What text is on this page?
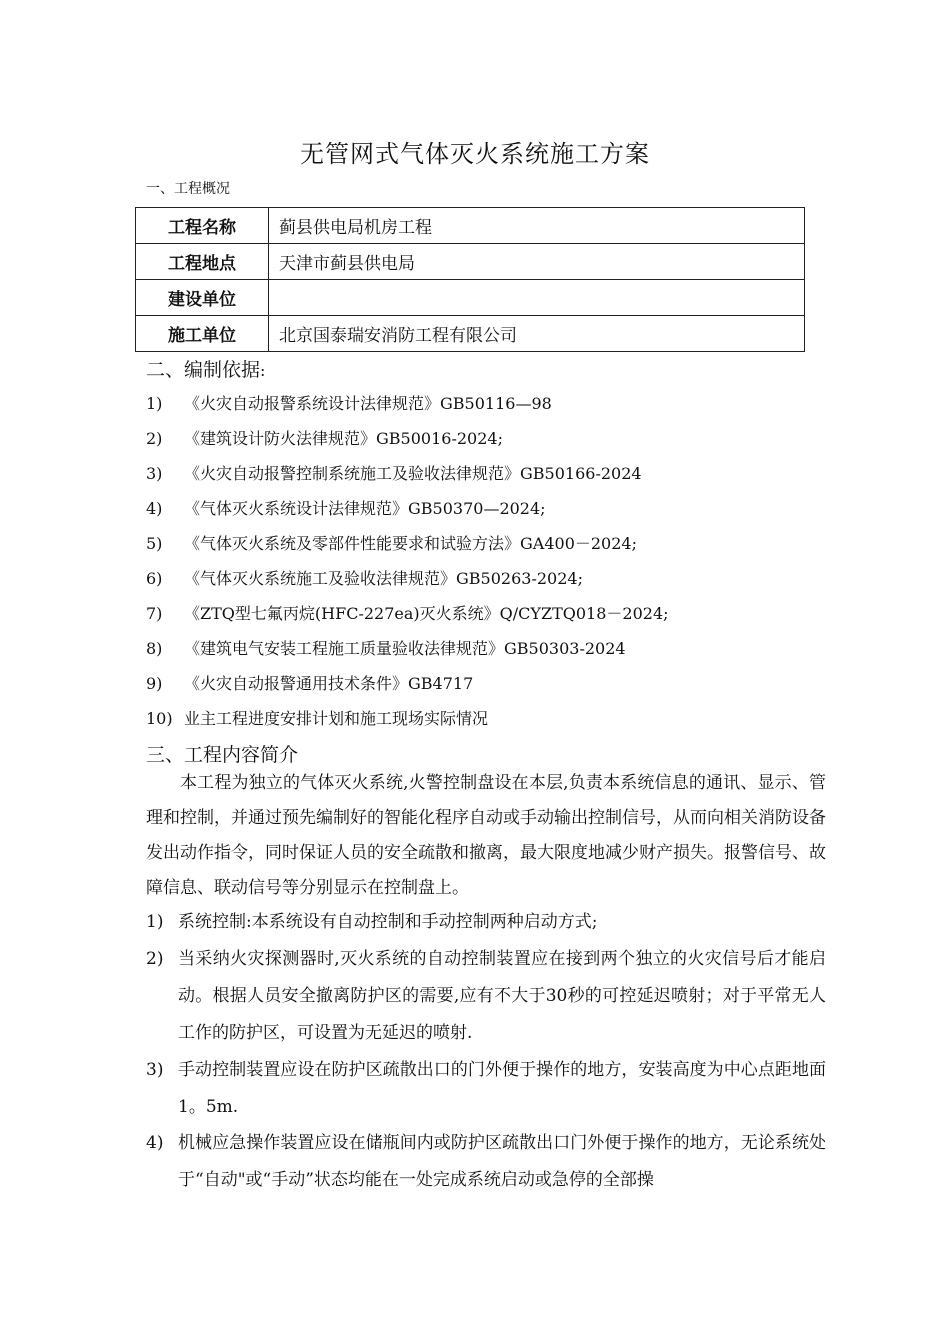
无管网式气体灭火系统施工方案
一、工程概况
工程名称	蓟县供电局机房工程
工程地点	天津市蓟县供电局
建设单位	
施工单位	北京国泰瑞安消防工程有限公司
二、编制依据:
1) 《火灾自动报警系统设计法律规范》GB50116—98
2) 《建筑设计防火法律规范》GB50016-2024;
3) 《火灾自动报警控制系统施工及验收法律规范》GB50166-2024
4) 《气体灭火系统设计法律规范》GB50370—2024;
5) 《气体灭火系统及零部件性能要求和试验方法》GA400－2024;
6) 《气体灭火系统施工及验收法律规范》GB50263-2024;
7) 《ZTQ型七氟丙烷(HFC-227ea)灭火系统》Q/CYZTQ018－2024;
8) 《建筑电气安装工程施工质量验收法律规范》GB50303-2024
9) 《火灾自动报警通用技术条件》GB4717
10) 业主工程进度安排计划和施工现场实际情况
三、工程内容简介
本工程为独立的气体灭火系统,火警控制盘设在本层,负责本系统信息的通讯、显示、管理和控制，并通过预先编制好的智能化程序自动或手动输出控制信号，从而向相关消防设备发出动作指令，同时保证人员的安全疏散和撤离，最大限度地减少财产损失。报警信号、故障信息、联动信号等分别显示在控制盘上。
1) 系统控制:本系统设有自动控制和手动控制两种启动方式;
2) 当采纳火灾探测器时,灭火系统的自动控制装置应在接到两个独立的火灾信号后才能启动。根据人员安全撤离防护区的需要,应有不大于30秒的可控延迟喷射；对于平常无人工作的防护区，可设置为无延迟的喷射.
3) 手动控制装置应设在防护区疏散出口的门外便于操作的地方，安装高度为中心点距地面1。5m.
4) 机械应急操作装置应设在储瓶间内或防护区疏散出口门外便于操作的地方，无论系统处于“自动"或“手动”状态均能在一处完成系统启动或急停的全部操
